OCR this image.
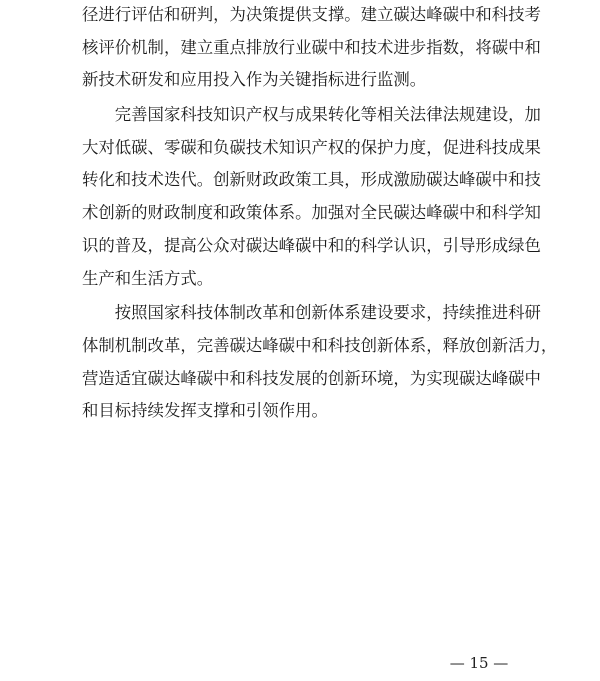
径进行评估和研判，为决策提供支撑。建立碳达峰碳中和科技考
核评价机制，建立重点排放行业碳中和技术进步指数，将碳中和
新技术研发和应用投入作为关键指标进行监测。
　　完善国家科技知识产权与成果转化等相关法律法规建设，加
大对低碳、零碳和负碳技术知识产权的保护力度，促进科技成果
转化和技术迭代。创新财政政策工具，形成激励碳达峰碳中和技
术创新的财政制度和政策体系。加强对全民碳达峰碳中和科学知
识的普及，提高公众对碳达峰碳中和的科学认识，引导形成绿色
生产和生活方式。
　　按照国家科技体制改革和创新体系建设要求，持续推进科研
体制机制改革，完善碳达峰碳中和科技创新体系，释放创新活力，
营造适宜碳达峰碳中和科技发展的创新环境，为实现碳达峰碳中
和目标持续发挥支撑和引领作用。
— 15 —
